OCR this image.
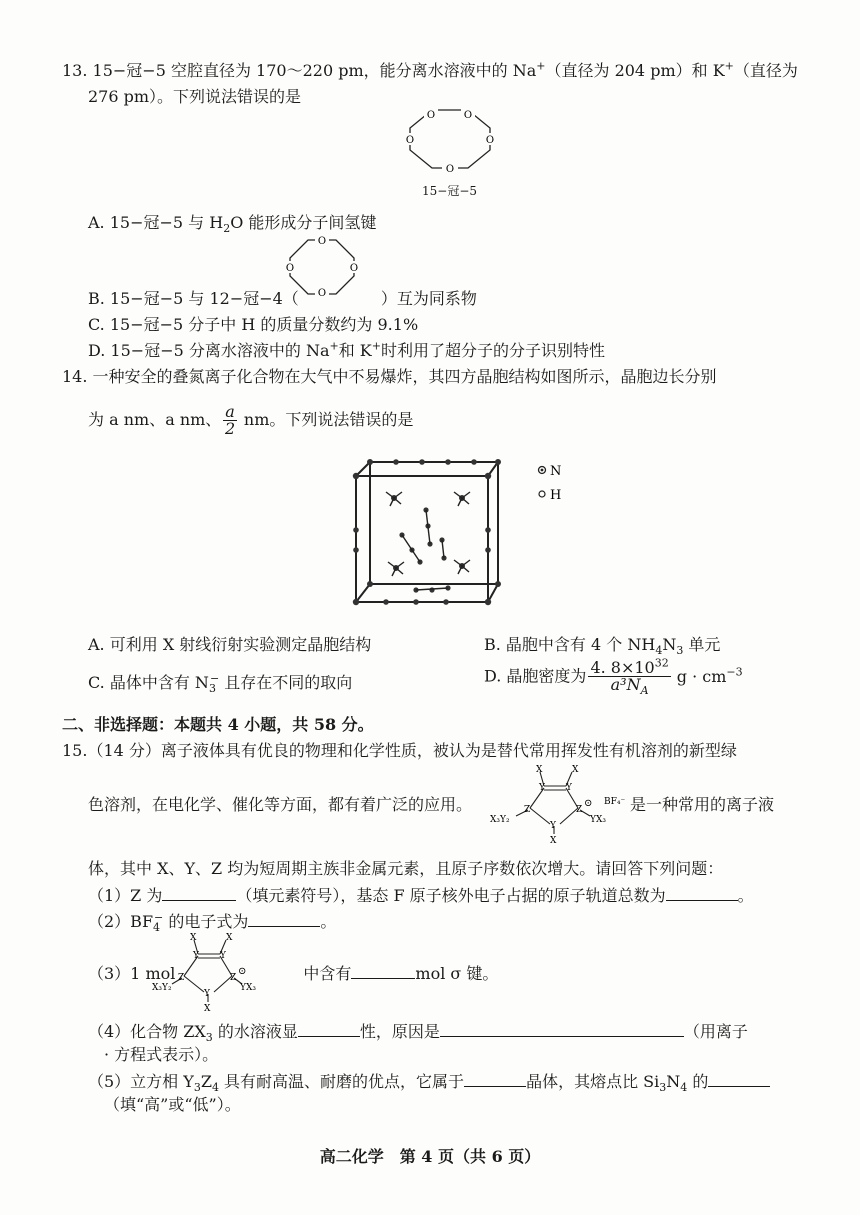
13. 15−冠−5 空腔直径为 170～220 pm，能分离水溶液中的 Na+（直径为 204 pm）和 K+（直径为
276 pm）。下列说法错误的是
O	O
O
O
O
15−冠−5
A. 15−冠−5 与 $H_2O$ 能形成分子间氢键
O
O
O
O
B. 15−冠−5 与 12−冠−4（	）互为同系物
C. 15−冠−5 分子中 H 的质量分数约为 9.1%
D. 15−冠−5 分离水溶液中的 Na+和 K+时利用了超分子的分子识别特性
14. 一种安全的叠氮离子化合物在大气中不易爆炸，其四方晶胞结构如图所示，晶胞边长分别
为 a nm、a nm、 $\frac{a}{2}$ nm。下列说法错误的是
N
H
A. 可利用 X 射线衍射实验测定晶胞结构	B. 晶胞中含有 4 个 $NH_4N_3$ 单元
C. 晶体中含有 $N_3^-$ 且存在不同的取向	D. 晶胞密度为 $\frac{4. 8\times 10^{32}}{a^3N_A}$ $g \cdot cm^{-3}$
二、非选择题：本题共 4 小题，共 58 分。
15.（14 分）离子液体具有优良的物理和化学性质，被认为是替代常用挥发性有机溶剂的新型绿
色溶剂，在电化学、催化等方面，都有着广泛的应用。	是一种常用的离子液
X	X
Y Y
Z	Z
⊙
Y
X
X₃Y₂	YX₃
BF₄⁻
体，其中 X、Y、Z 均为短周期主族非金属元素，且原子序数依次增大。请回答下列问题：
（1）Z 为	（填元素符号），基态 F 原子核外电子占据的原子轨道总数为	。
$(2)BF_4^-$ 的电子式为	。
X	X
Y Y
Z	Z
⊙
Y
X
X₃Y₂	YX₃
（3）1 mol	中含有	mol σ 键。
（4）化合物 $ZX_3$ 的水溶液显	性，原因是	（用离子
· 方程式表示）。
（5）立方相 $Y_3Z_4$ 具有耐高温、耐磨的优点，它属于	晶体，其熔点比 $Si_3N_4$ 的
（填“高”或“低”）。
高二化学　第 4 页（共 6 页）
